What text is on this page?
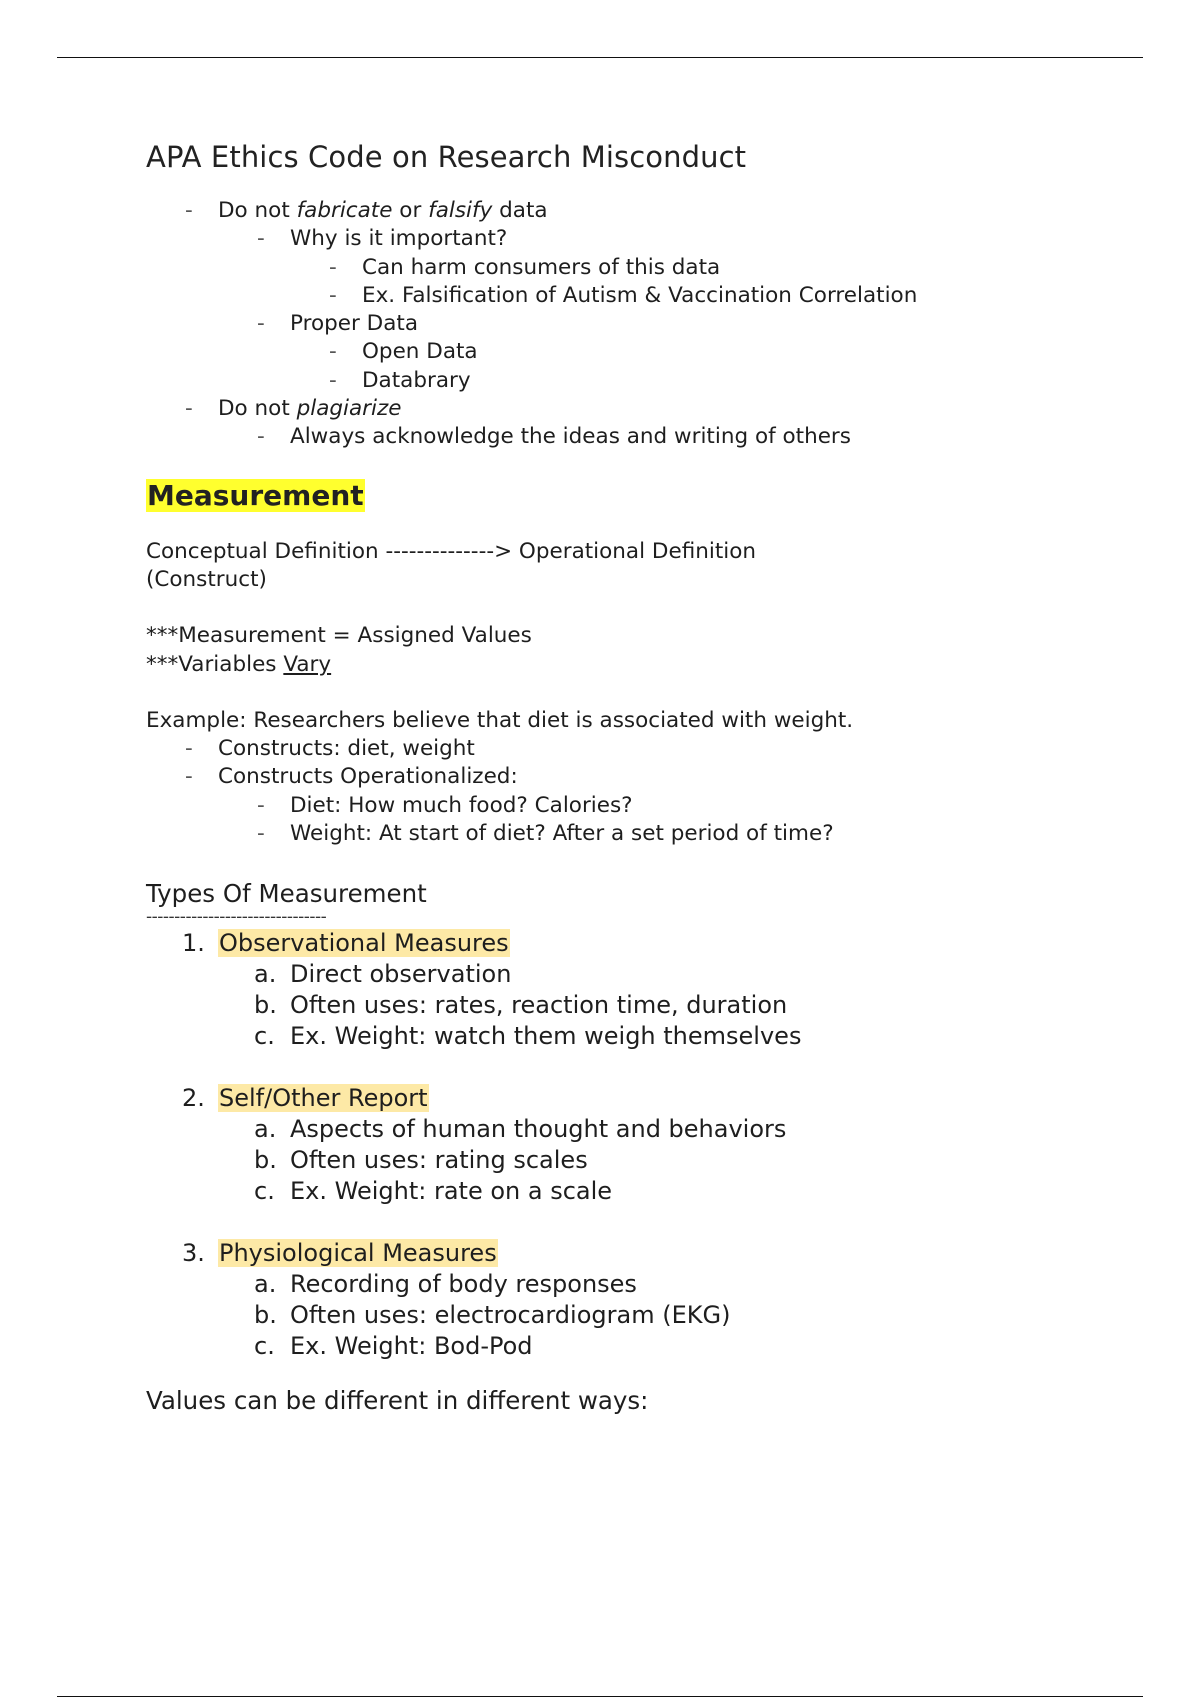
APA Ethics Code on Research Misconduct
- Do not fabricate or falsify data
- Why is it important?
- Can harm consumers of this data
- Ex. Falsification of Autism & Vaccination Correlation
- Proper Data
- Open Data
- Databrary
- Do not plagiarize
- Always acknowledge the ideas and writing of others
Measurement

Conceptual Definition --------------> Operational Definition

(Construct)

***Measurement = Assigned Values

***Variables Vary

Example: Researchers believe that diet is associated with weight.

- Constructs: diet, weight
- Constructs Operationalized:
- Diet: How much food? Calories?
- Weight: At start of diet? After a set period of time?

Types Of Measurement

--------------------------------
1. Observational Measures
a. Direct observation
b. Often uses: rates, reaction time, duration
c. Ex. Weight: watch them weigh themselves
2. Self/Other Report
a. Aspects of human thought and behaviors
b. Often uses: rating scales
c. Ex. Weight: rate on a scale
3. Physiological Measures
a. Recording of body responses
b. Often uses: electrocardiogram (EKG)
c. Ex. Weight: Bod-Pod

Values can be different in different ways:
